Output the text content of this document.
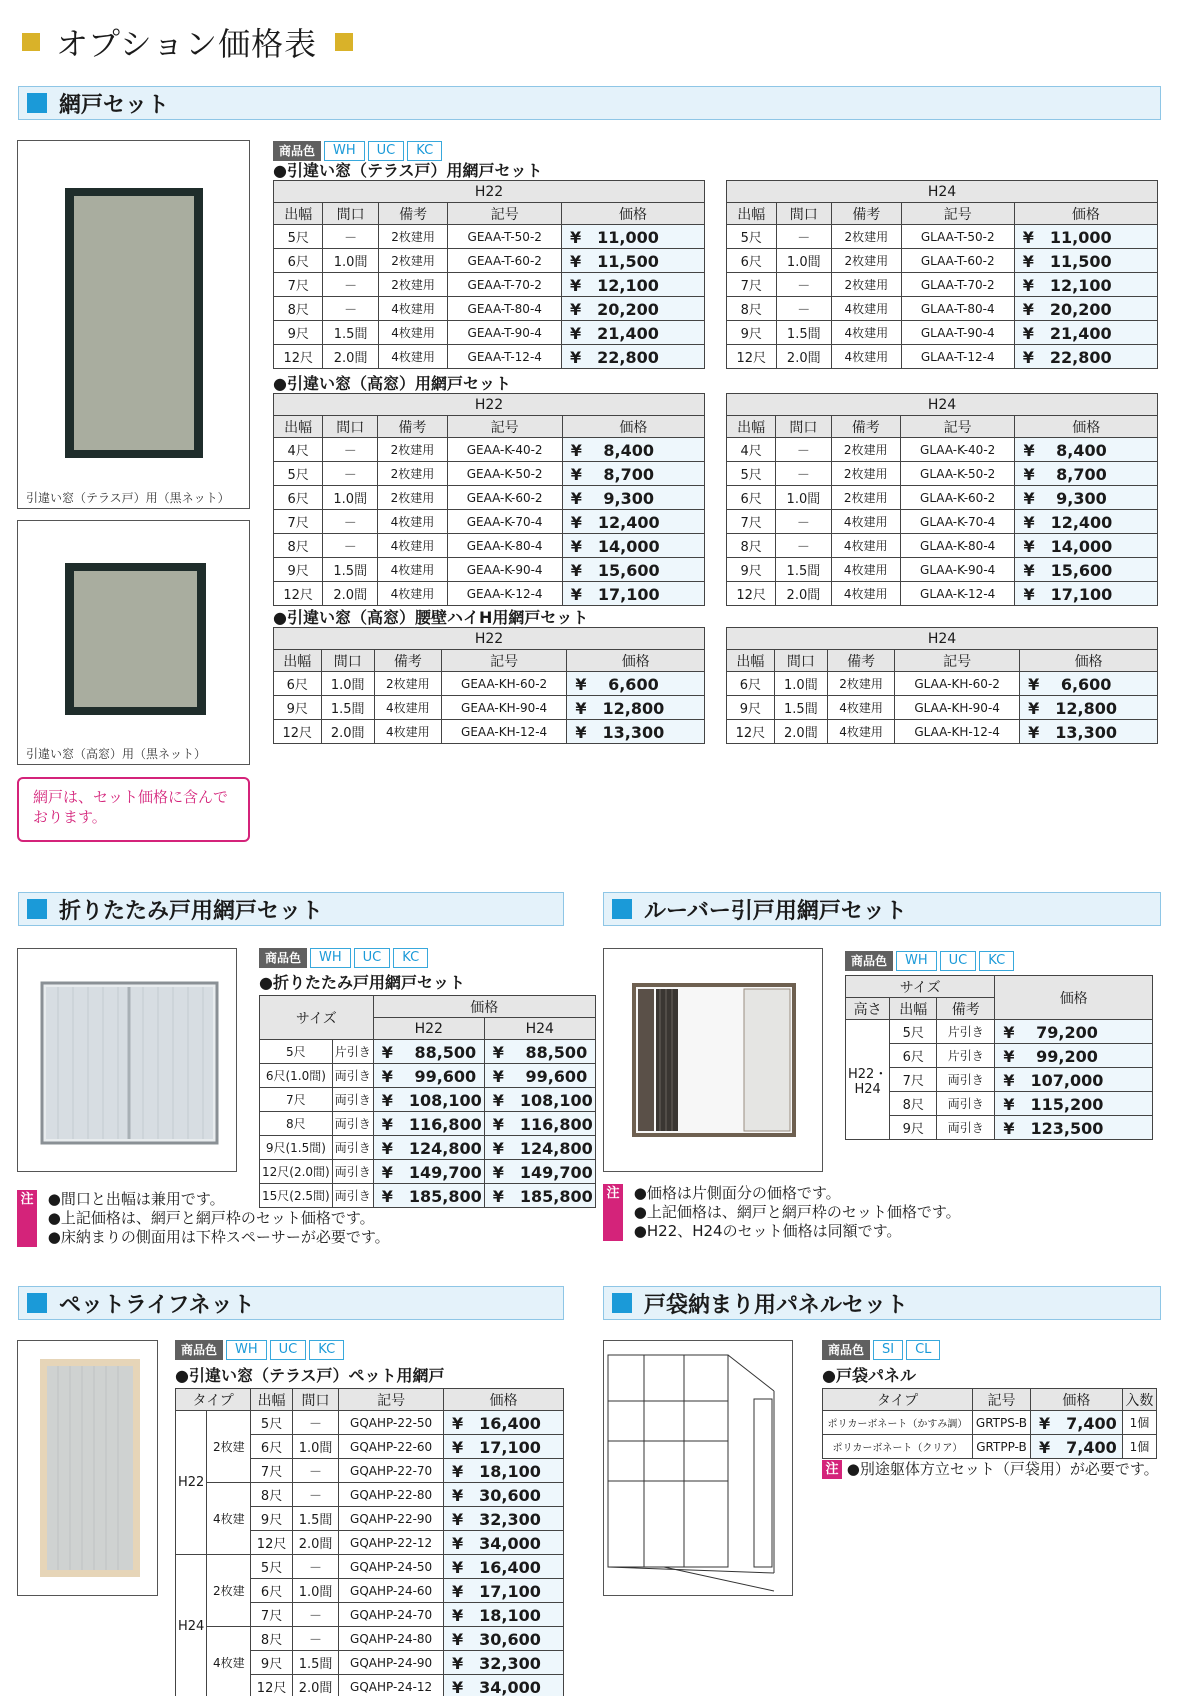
オプション価格表
網戸セット
引違い窓（テラス戸）用（黒ネット）
引違い窓（高窓）用（黒ネット）
網戸は、セット価格に含んでおります。
商品色	WH	UC	KC
●引違い窓（テラス戸）用網戸セット
H22				
出幅	間口	備考	記号	価格
5尺	－	2枚建用	GEAA-T-50-2	¥　11,000
6尺	1.0間	2枚建用	GEAA-T-60-2	¥　11,500
7尺	－	2枚建用	GEAA-T-70-2	¥　12,100
8尺	－	4枚建用	GEAA-T-80-4	¥　20,200
9尺	1.5間	4枚建用	GEAA-T-90-4	¥　21,400
12尺	2.0間	4枚建用	GEAA-T-12-4	¥　22,800
H24				
出幅	間口	備考	記号	価格
5尺	－	2枚建用	GLAA-T-50-2	¥　11,000
6尺	1.0間	2枚建用	GLAA-T-60-2	¥　11,500
7尺	－	2枚建用	GLAA-T-70-2	¥　12,100
8尺	－	4枚建用	GLAA-T-80-4	¥　20,200
9尺	1.5間	4枚建用	GLAA-T-90-4	¥　21,400
12尺	2.0間	4枚建用	GLAA-T-12-4	¥　22,800
●引違い窓（高窓）用網戸セット
H22				
出幅	間口	備考	記号	価格
4尺	－	2枚建用	GEAA-K-40-2	¥　 8,400
5尺	－	2枚建用	GEAA-K-50-2	¥　 8,700
6尺	1.0間	2枚建用	GEAA-K-60-2	¥　 9,300
7尺	－	4枚建用	GEAA-K-70-4	¥　12,400
8尺	－	4枚建用	GEAA-K-80-4	¥　14,000
9尺	1.5間	4枚建用	GEAA-K-90-4	¥　15,600
12尺	2.0間	4枚建用	GEAA-K-12-4	¥　17,100
H24				
出幅	間口	備考	記号	価格
4尺	－	2枚建用	GLAA-K-40-2	¥　 8,400
5尺	－	2枚建用	GLAA-K-50-2	¥　 8,700
6尺	1.0間	2枚建用	GLAA-K-60-2	¥　 9,300
7尺	－	4枚建用	GLAA-K-70-4	¥　12,400
8尺	－	4枚建用	GLAA-K-80-4	¥　14,000
9尺	1.5間	4枚建用	GLAA-K-90-4	¥　15,600
12尺	2.0間	4枚建用	GLAA-K-12-4	¥　17,100
●引違い窓（高窓）腰壁ハイH用網戸セット
H22				
出幅	間口	備考	記号	価格
6尺	1.0間	2枚建用	GEAA-KH-60-2	¥　 6,600
9尺	1.5間	4枚建用	GEAA-KH-90-4	¥　12,800
12尺	2.0間	4枚建用	GEAA-KH-12-4	¥　13,300
H24				
出幅	間口	備考	記号	価格
6尺	1.0間	2枚建用	GLAA-KH-60-2	¥　 6,600
9尺	1.5間	4枚建用	GLAA-KH-90-4	¥　12,800
12尺	2.0間	4枚建用	GLAA-KH-12-4	¥　13,300
折りたたみ戸用網戸セット
商品色	WH	UC	KC
●折りたたみ戸用網戸セット
サイズ		価格	
		H22	H24
5尺	片引き	¥　 88,500	¥　 88,500
6尺(1.0間)	両引き	¥　 99,600	¥　 99,600
7尺	両引き	¥　108,100	¥　108,100
8尺	両引き	¥　116,800	¥　116,800
9尺(1.5間)	両引き	¥　124,800	¥　124,800
12尺(2.0間)	両引き	¥　149,700	¥　149,700
15尺(2.5間)	両引き	¥　185,800	¥　185,800
注 ●間口と出幅は兼用です。
●上記価格は、網戸と網戸枠のセット価格です。
●床納まりの側面用は下枠スペーサーが必要です。
ルーバー引戸用網戸セット
商品色	WH	UC	KC
サイズ			価格
高さ	出幅	備考	
H22・H24	5尺	片引き	¥　 79,200
	6尺	片引き	¥　 99,200
	7尺	両引き	¥　107,000
	8尺	両引き	¥　115,200
	9尺	両引き	¥　123,500
注 ●価格は片側面分の価格です。
●上記価格は、網戸と網戸枠のセット価格です。
●H22、H24のセット価格は同額です。
ペットライフネット
商品色	WH	UC	KC
●引違い窓（テラス戸）ペット用網戸
タイプ		出幅	間口	記号	価格
H22	2枚建	5尺	－	GQAHP-22-50	¥　16,400
		6尺	1.0間	GQAHP-22-60	¥　17,100
		7尺	－	GQAHP-22-70	¥　18,100
	4枚建	8尺	－	GQAHP-22-80	¥　30,600
		9尺	1.5間	GQAHP-22-90	¥　32,300
		12尺	2.0間	GQAHP-22-12	¥　34,000
H24	2枚建	5尺	－	GQAHP-24-50	¥　16,400
		6尺	1.0間	GQAHP-24-60	¥　17,100
		7尺	－	GQAHP-24-70	¥　18,100
	4枚建	8尺	－	GQAHP-24-80	¥　30,600
		9尺	1.5間	GQAHP-24-90	¥　32,300
		12尺	2.0間	GQAHP-24-12	¥　34,000
戸袋納まり用パネルセット
商品色	SI	CL
●戸袋パネル
タイプ	記号	価格	入数
ポリカーボネート（かすみ調）	GRTPS-B	¥　7,400	1個
ポリカーボネート（クリア）	GRTPP-B	¥　7,400	1個
注 ●別途躯体方立セット（戸袋用）が必要です。
